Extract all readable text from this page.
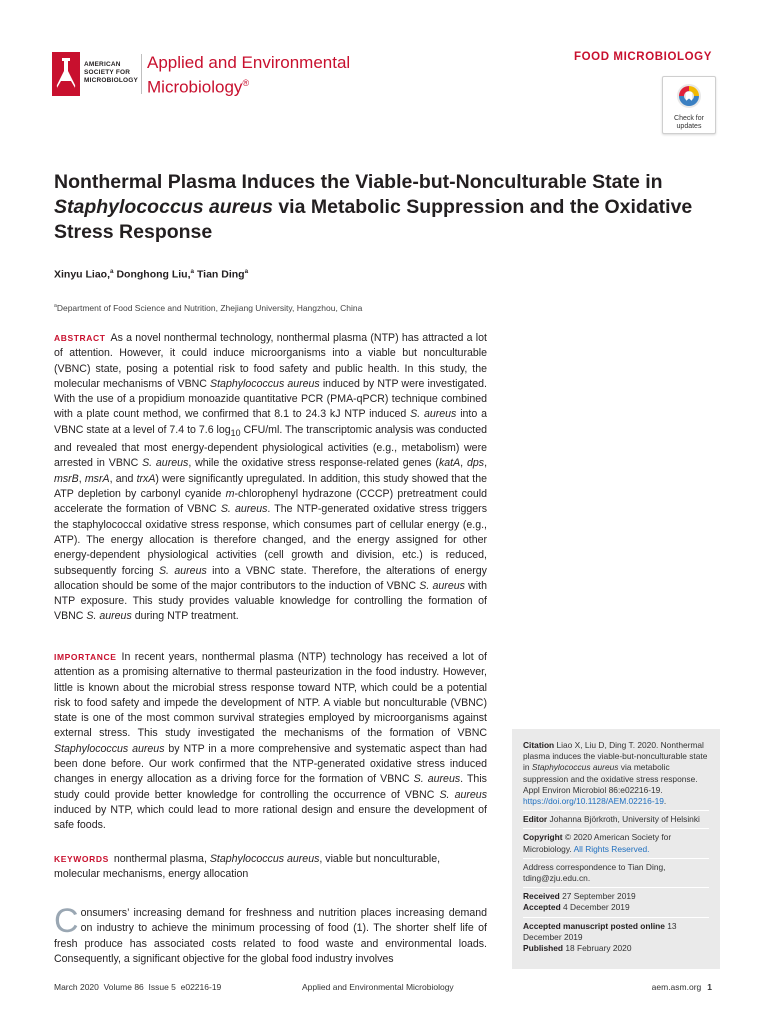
AMERICAN
SOCIETY FOR
MICROBIOLOGY
Applied and Environmental
Microbiology®
FOOD MICROBIOLOGY
Check for
updates
Nonthermal Plasma Induces the Viable-but-Nonculturable State in Staphylococcus aureus via Metabolic Suppression and the Oxidative Stress Response
Xinyu Liao,$^a$ Donghong Liu,$^a$ Tian Ding$^a$
$^a$Department of Food Science and Nutrition, Zhejiang University, Hangzhou, China
ABSTRACT As a novel nonthermal technology, nonthermal plasma (NTP) has attracted a lot of attention. However, it could induce microorganisms into a viable but nonculturable (VBNC) state, posing a potential risk to food safety and public health. In this study, the molecular mechanisms of VBNC Staphylococcus aureus induced by NTP were investigated. With the use of a propidium monoazide quantitative PCR (PMA-qPCR) technique combined with a plate count method, we confirmed that 8.1 to 24.3 kJ NTP induced S. aureus into a VBNC state at a level of 7.4 to 7.6 $\log_{10} CFU/ml$. The transcriptomic analysis was conducted and revealed that most energy-dependent physiological activities (e.g., metabolism) were arrested in VBNC S. aureus, while the oxidative stress response-related genes (katA, dps, msrB, msrA, and trxA) were significantly upregulated. In addition, this study showed that the ATP depletion by carbonyl cyanide m-chlorophenyl hydrazone (CCCP) pretreatment could accelerate the formation of VBNC S. aureus. The NTP-generated oxidative stress triggers the staphylococcal oxidative stress response, which consumes part of cellular energy (e.g., ATP). The energy allocation is therefore changed, and the energy assigned for other energy-dependent physiological activities (cell growth and division, etc.) is reduced, subsequently forcing S. aureus into a VBNC state. Therefore, the alterations of energy allocation should be some of the major contributors to the induction of VBNC S. aureus with NTP exposure. This study provides valuable knowledge for controlling the formation of VBNC S. aureus during NTP treatment.
IMPORTANCE In recent years, nonthermal plasma (NTP) technology has received a lot of attention as a promising alternative to thermal pasteurization in the food industry. However, little is known about the microbial stress response toward NTP, which could be a potential risk to food safety and impede the development of NTP. A viable but nonculturable (VBNC) state is one of the most common survival strategies employed by microorganisms against external stress. This study investigated the mechanisms of the formation of VBNC Staphylococcus aureus by NTP in a more comprehensive and systematic aspect than had been done before. Our work confirmed that the NTP-generated oxidative stress induced changes in energy allocation as a driving force for the formation of VBNC S. aureus. This study could provide better knowledge for controlling the occurrence of VBNC S. aureus induced by NTP, which could lead to more rational design and ensure the development of safe foods.
KEYWORDS nonthermal plasma, Staphylococcus aureus, viable but nonculturable, molecular mechanisms, energy allocation
Consumers’ increasing demand for freshness and nutrition places increasing demand on industry to achieve the minimum processing of food (1). The shorter shelf life of fresh produce has associated costs related to food waste and environmental loads. Consequently, a significant objective for the global food industry involves
Citation Liao X, Liu D, Ding T. 2020. Nonthermal plasma induces the viable-but-nonculturable state in Staphylococcus aureus via metabolic suppression and the oxidative stress response. Appl Environ Microbiol 86:e02216-19. https://doi.org/10.1128/AEM.02216-19.
Editor Johanna Björkroth, University of Helsinki
Copyright © 2020 American Society for Microbiology. All Rights Reserved.
Address correspondence to Tian Ding, tding@zju.edu.cn.
Received 27 September 2019
Accepted 4 December 2019
Accepted manuscript posted online 13 December 2019
Published 18 February 2020
March 2020  Volume 86  Issue 5  e02216-19	Applied and Environmental Microbiology	aem.asm.org 1
